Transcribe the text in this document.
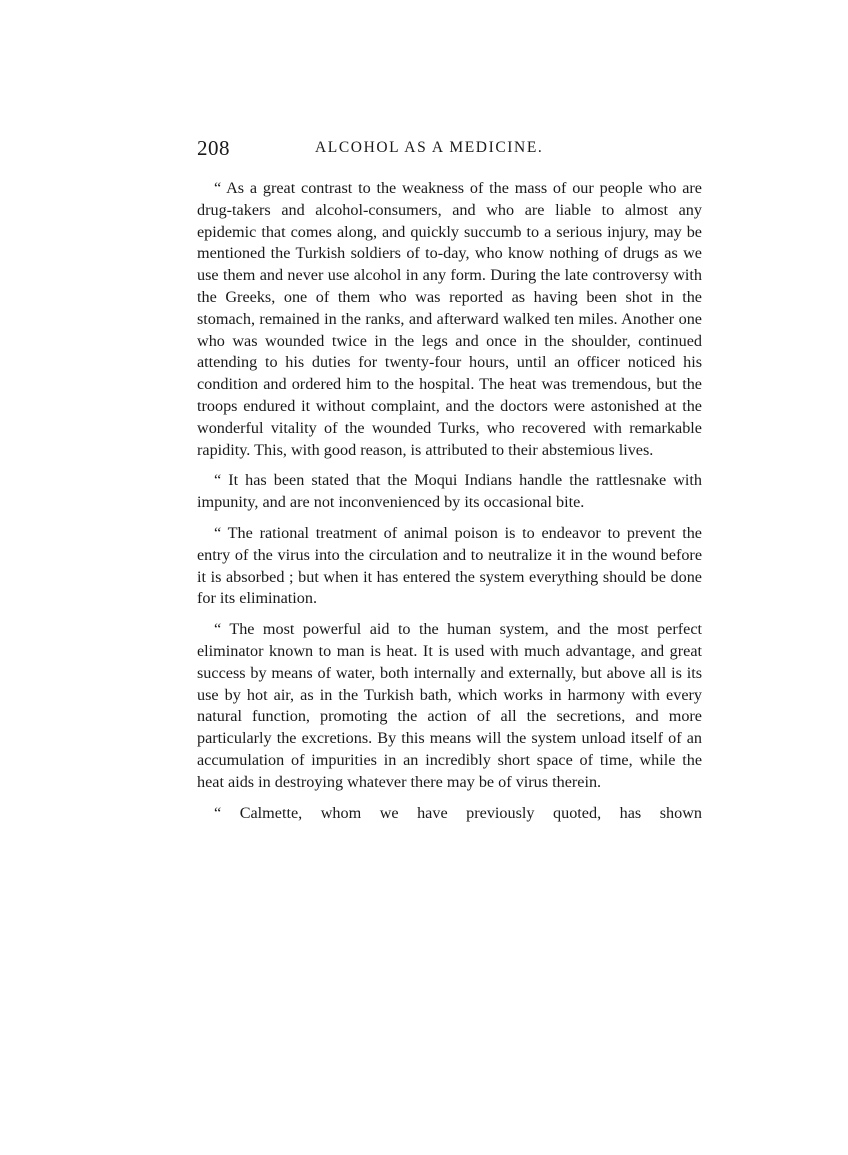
208	ALCOHOL AS A MEDICINE.

“ As a great contrast to the weakness of the mass of our people who are drug-takers and alcohol-consumers, and who are liable to almost any epidemic that comes along, and quickly succumb to a serious injury, may be mentioned the Turkish soldiers of to-day, who know nothing of drugs as we use them and never use alcohol in any form. During the late controversy with the Greeks, one of them who was reported as having been shot in the stomach, remained in the ranks, and afterward walked ten miles. Another one who was wounded twice in the legs and once in the shoulder, continued attending to his duties for twenty-four hours, until an officer noticed his condition and ordered him to the hospital. The heat was tremendous, but the troops endured it without complaint, and the doctors were astonished at the wonderful vitality of the wounded Turks, who recovered with remarkable rapidity. This, with good reason, is attributed to their abstemious lives.

“ It has been stated that the Moqui Indians handle the rattlesnake with impunity, and are not inconvenienced by its occasional bite.

“ The rational treatment of animal poison is to endeavor to prevent the entry of the virus into the circulation and to neutralize it in the wound before it is absorbed ; but when it has entered the system everything should be done for its elimination.

“ The most powerful aid to the human system, and the most perfect eliminator known to man is heat. It is used with much advantage, and great success by means of water, both internally and externally, but above all is its use by hot air, as in the Turkish bath, which works in harmony with every natural function, promoting the action of all the secretions, and more particularly the excretions. By this means will the system unload itself of an accumulation of impurities in an incredibly short space of time, while the heat aids in destroying whatever there may be of virus therein.

“ Calmette, whom we have previously quoted, has shown
